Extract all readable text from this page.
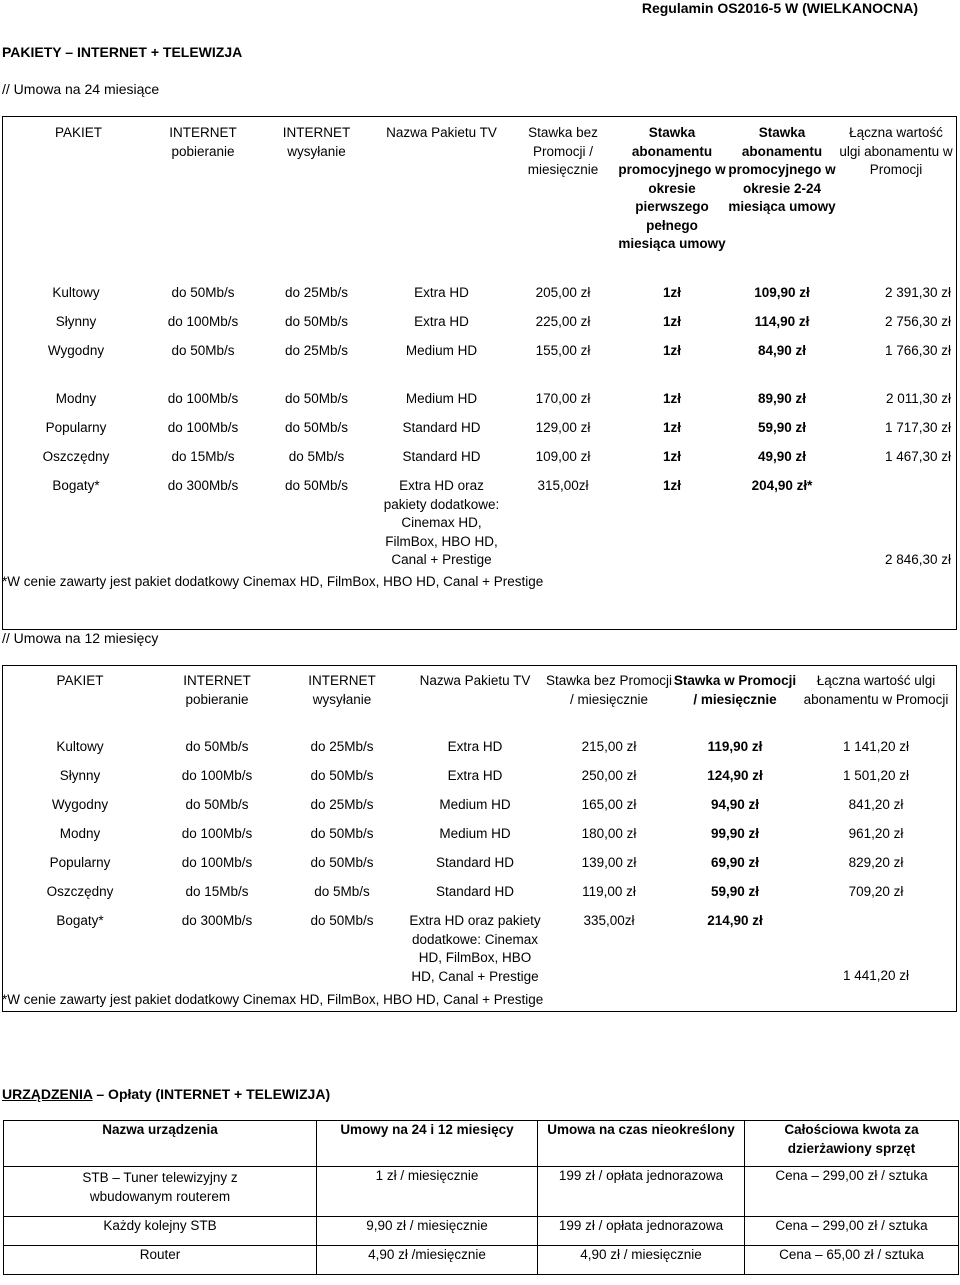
Regulamin OS2016-5 W (WIELKANOCNA)
PAKIETY – INTERNET + TELEWIZJA
// Umowa na 24 miesiące
PAKIET	INTERNET pobieranie	INTERNET wysyłanie	Nazwa Pakietu TV	Stawka bez Promocji / miesięcznie	Stawka abonamentu promocyjnego w okresie pierwszego pełnego miesiąca umowy	Stawka abonamentu promocyjnego w okresie 2-24 miesiąca umowy	Łączna wartość ulgi abonamentu w Promocji
Kultowy	do 50Mb/s	do 25Mb/s	Extra HD	205,00 zł	1zł	109,90 zł	2 391,30 zł
Słynny	do 100Mb/s	do 50Mb/s	Extra HD	225,00 zł	1zł	114,90 zł	2 756,30 zł
Wygodny	do 50Mb/s	do 25Mb/s	Medium HD	155,00 zł	1zł	84,90 zł	1 766,30 zł
Modny	do 100Mb/s	do 50Mb/s	Medium HD	170,00 zł	1zł	89,90 zł	2 011,30 zł
Popularny	do 100Mb/s	do 50Mb/s	Standard HD	129,00 zł	1zł	59,90 zł	1 717,30 zł
Oszczędny	do 15Mb/s	do 5Mb/s	Standard HD	109,00 zł	1zł	49,90 zł	1 467,30 zł
Bogaty*	do 300Mb/s	do 50Mb/s	Extra HD oraz pakiety dodatkowe: Cinemax HD, FilmBox, HBO HD, Canal + Prestige	315,00zł	1zł	204,90 zł*	2 846,30 zł
*W cenie zawarty jest pakiet dodatkowy Cinemax HD, FilmBox, HBO HD, Canal + Prestige
// Umowa na 12 miesięcy
PAKIET	INTERNET pobieranie	INTERNET wysyłanie	Nazwa Pakietu TV	Stawka bez Promocji / miesięcznie	Stawka w Promocji / miesięcznie	Łączna wartość ulgi abonamentu w Promocji
Kultowy	do 50Mb/s	do 25Mb/s	Extra HD	215,00 zł	119,90 zł	1 141,20 zł
Słynny	do 100Mb/s	do 50Mb/s	Extra HD	250,00 zł	124,90 zł	1 501,20 zł
Wygodny	do 50Mb/s	do 25Mb/s	Medium HD	165,00 zł	94,90 zł	841,20 zł
Modny	do 100Mb/s	do 50Mb/s	Medium HD	180,00 zł	99,90 zł	961,20 zł
Popularny	do 100Mb/s	do 50Mb/s	Standard HD	139,00 zł	69,90 zł	829,20 zł
Oszczędny	do 15Mb/s	do 5Mb/s	Standard HD	119,00 zł	59,90 zł	709,20 zł
Bogaty*	do 300Mb/s	do 50Mb/s	Extra HD oraz pakiety dodatkowe: Cinemax HD, FilmBox, HBO HD, Canal + Prestige	335,00zł	214,90 zł	1 441,20 zł
*W cenie zawarty jest pakiet dodatkowy Cinemax HD, FilmBox, HBO HD, Canal + Prestige
URZĄDZENIA – Opłaty (INTERNET + TELEWIZJA)
Nazwa urządzenia	Umowy na 24 i 12 miesięcy	Umowa na czas nieokreślony	Całościowa kwota za dzierżawiony sprzęt
STB – Tuner telewizyjny z wbudowanym routerem	1 zł / miesięcznie	199 zł / opłata jednorazowa	Cena – 299,00 zł / sztuka
Każdy kolejny STB	9,90 zł / miesięcznie	199 zł / opłata jednorazowa	Cena – 299,00 zł / sztuka
Router	4,90 zł /miesięcznie	4,90 zł / miesięcznie	Cena – 65,00 zł / sztuka
